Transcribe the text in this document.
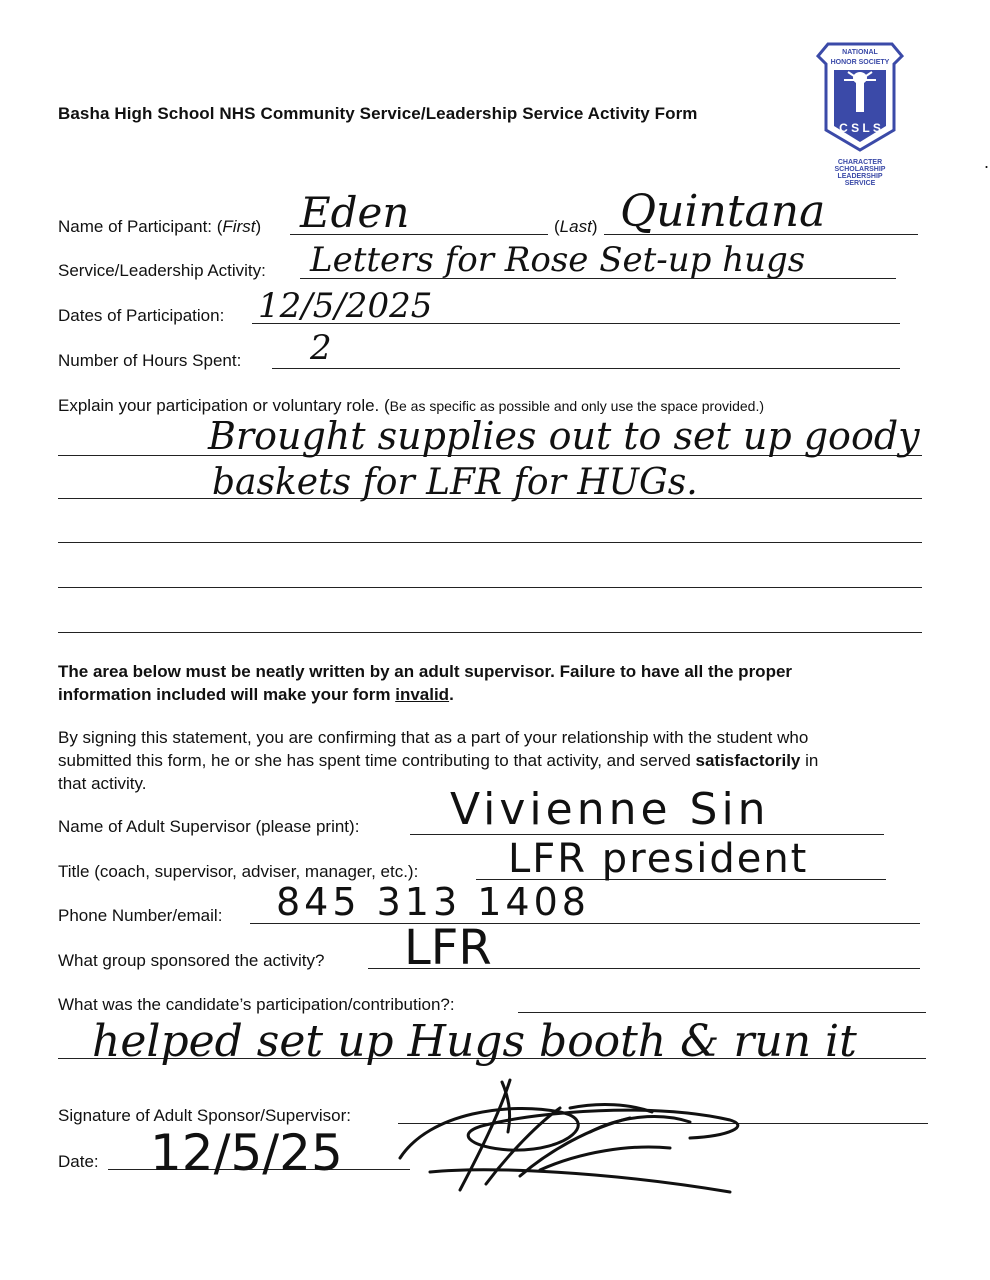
Basha High School NHS Community Service/Leadership Service Activity Form
NATIONAL
HONOR SOCIETY
C S L S
CHARACTER
SCHOLARSHIP
LEADERSHIP
SERVICE
.
Name of Participant: (First) Eden	(Last) Quintana
Service/Leadership Activity: Letters for Rose Set-up hugs
Dates of Participation: 12/5/2025
Number of Hours Spent: 2
Explain your participation or voluntary role. (Be as specific as possible and only use the space provided.)
Brought supplies out to set up goody
baskets for LFR for HUGs.
The area below must be neatly written by an adult supervisor. Failure to have all the proper
information included will make your form invalid.
By signing this statement, you are confirming that as a part of your relationship with the student who
submitted this form, he or she has spent time contributing to that activity, and served satisfactorily in
that activity.
Name of Adult Supervisor (please print): Vivienne Sin
Title (coach, supervisor, adviser, manager, etc.): LFR president
Phone Number/email: 845 313 1408
What group sponsored the activity? LFR
What was the candidate’s participation/contribution?:
helped set up Hugs booth & run it
Signature of Adult Sponsor/Supervisor:
Date: 12/5/25
